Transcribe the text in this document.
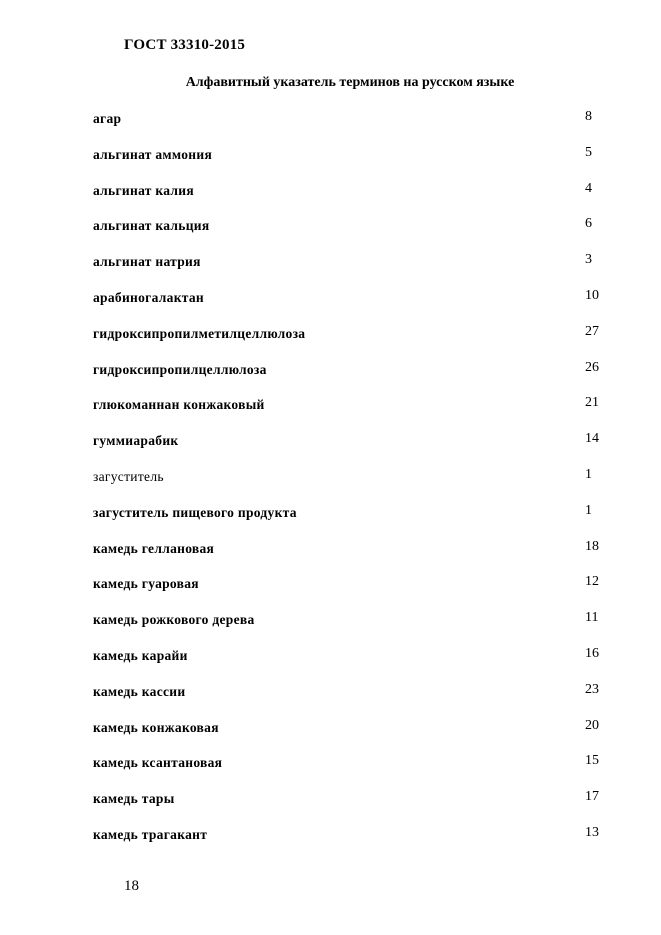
ГОСТ 33310-2015
Алфавитный указатель терминов на русском языке
агар	8
альгинат аммония	5
альгинат калия	4
альгинат кальция	6
альгинат натрия	3
арабиногалактан	10
гидроксипропилметилцеллюлоза	27
гидроксипропилцеллюлоза	26
глюкоманнан конжаковый	21
гуммиарабик	14
загуститель	1
загуститель пищевого продукта	1
камедь геллановая	18
камедь гуаровая	12
камедь рожкового дерева	11
камедь карайи	16
камедь кассии	23
камедь конжаковая	20
камедь ксантановая	15
камедь тары	17
камедь трагакант	13
18
